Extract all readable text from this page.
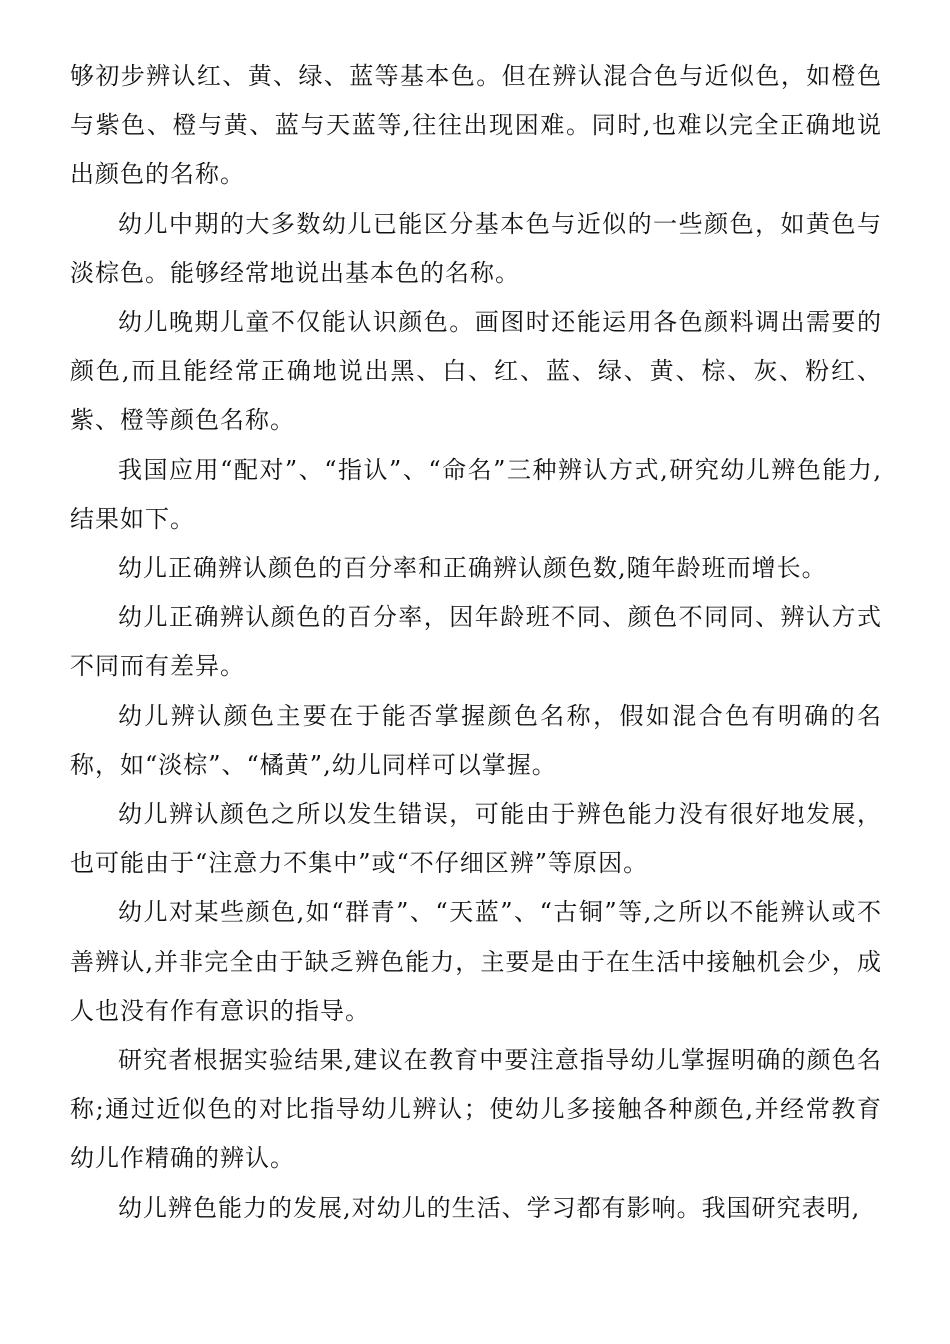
够初步辨认红、黄、绿、蓝等基本色。但在辨认混合色与近似色，如橙色与紫色、橙与黄、蓝与天蓝等,往往出现困难。同时,也难以完全正确地说出颜色的名称。

幼儿中期的大多数幼儿已能区分基本色与近似的一些颜色，如黄色与淡棕色。能够经常地说出基本色的名称。

幼儿晚期儿童不仅能认识颜色。画图时还能运用各色颜料调出需要的颜色,而且能经常正确地说出黑、白、红、蓝、绿、黄、棕、灰、粉红、紫、橙等颜色名称。

我国应用“配对”、“指认”、“命名”三种辨认方式,研究幼儿辨色能力,结果如下。

幼儿正确辨认颜色的百分率和正确辨认颜色数,随年龄班而增长。

幼儿正确辨认颜色的百分率，因年龄班不同、颜色不同同、辨认方式不同而有差异。

幼儿辨认颜色主要在于能否掌握颜色名称，假如混合色有明确的名称，如“淡棕”、“橘黄”,幼儿同样可以掌握。

幼儿辨认颜色之所以发生错误，可能由于辨色能力没有很好地发展，也可能由于“注意力不集中”或“不仔细区辨”等原因。

幼儿对某些颜色,如“群青”、“天蓝”、“古铜”等,之所以不能辨认或不善辨认,并非完全由于缺乏辨色能力，主要是由于在生活中接触机会少，成人也没有作有意识的指导。

研究者根据实验结果,建议在教育中要注意指导幼儿掌握明确的颜色名称;通过近似色的对比指导幼儿辨认；使幼儿多接触各种颜色,并经常教育幼儿作精确的辨认。

幼儿辨色能力的发展,对幼儿的生活、学习都有影响。我国研究表明,
